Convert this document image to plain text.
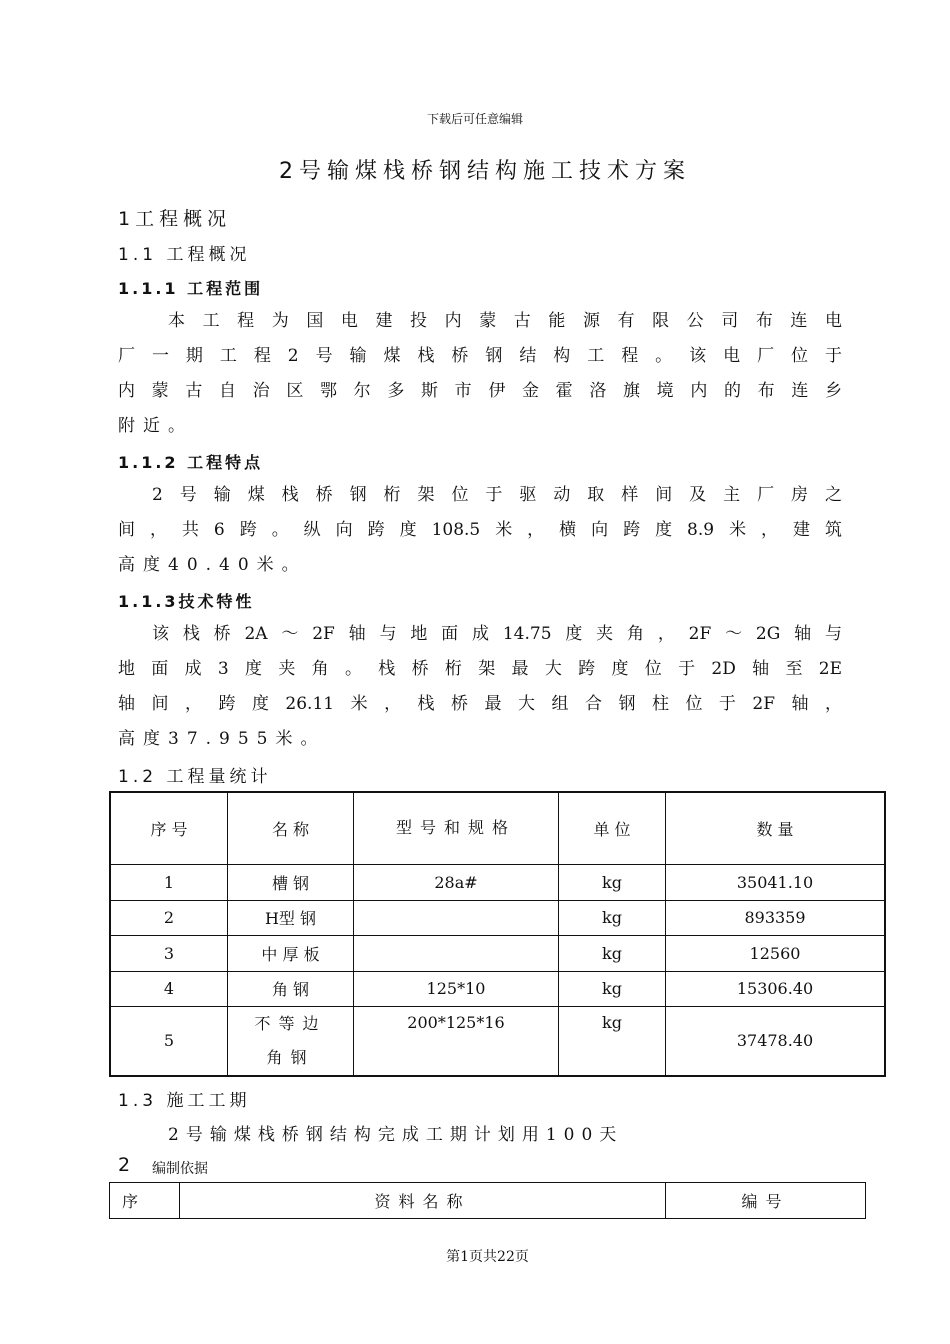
下载后可任意编辑
2号输煤栈桥钢结构施工技术方案
1工程概况
1.1 工程概况
1.1.1 工程范围
本工程为国电建投内蒙古能源有限公司布连电
厂一期工程2号输煤栈桥钢结构工程。该电厂位于
内蒙古自治区鄂尔多斯市伊金霍洛旗境内的布连乡
附近。
1.1.2 工程特点
2号输煤栈桥钢桁架位于驱动取样间及主厂房之
间，共6跨。纵向跨度108.5米，横向跨度8.9米，建筑
高度40.40米。
1.1.3技术特性
该栈桥2A～2F轴与地面成14.75度夹角，2F～2G轴与
地面成3度夹角。栈桥桁架最大跨度位于2D轴至2E
轴间，跨度26.11米，栈桥最大组合钢柱位于2F轴，
高度37.955米。
1.2 工程量统计
序 号	名 称	型号和规格	单 位	数 量
1	槽 钢	28a#	kg	35041.10
2	H型 钢		kg	893359
3	中 厚 板		kg	12560
4	角 钢	125*10	kg	15306.40
5	不等边角钢	200*125*16	kg	37478.40
1.3 施工工期
2号输煤栈桥钢结构完成工期计划用100天
2 编制依据
序	资料名称	编号
第1页共22页
